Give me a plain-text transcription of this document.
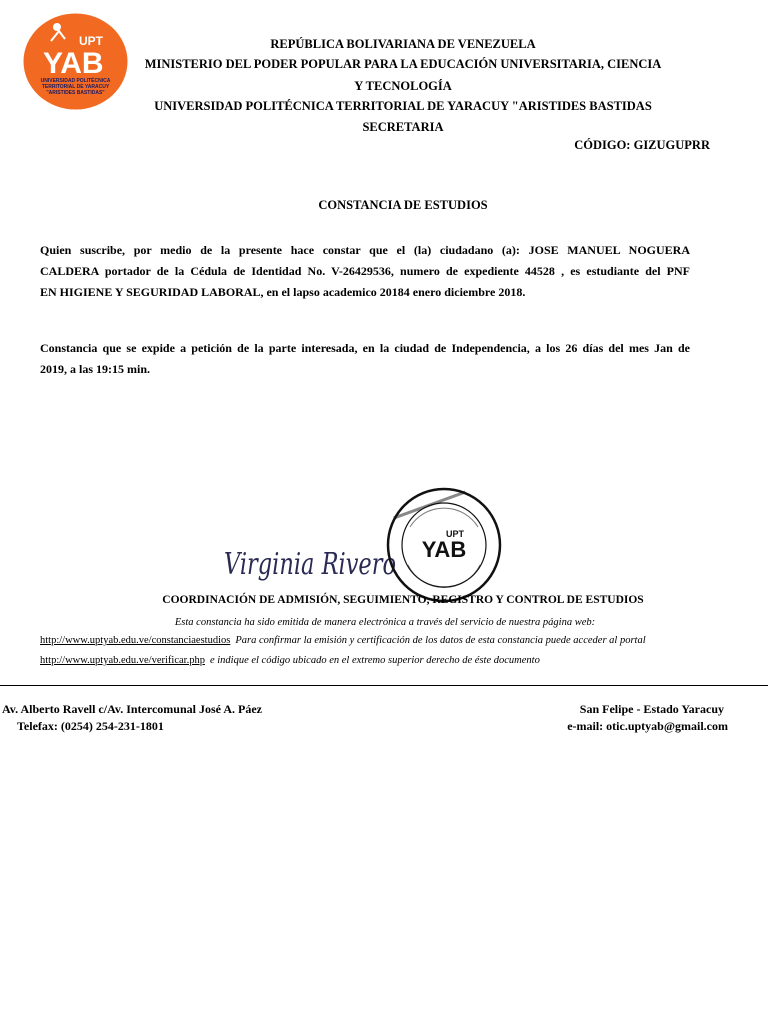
UPT
YAB
UNIVERSIDAD POLITÉCNICA
TERRITORIAL DE YARACUY
"ARISTIDES BASTIDAS"
REPÚBLICA BOLIVARIANA DE VENEZUELA
MINISTERIO DEL PODER POPULAR PARA LA EDUCACIÓN UNIVERSITARIA, CIENCIA
Y TECNOLOGÍA
UNIVERSIDAD POLITÉCNICA TERRITORIAL DE YARACUY "ARISTIDES BASTIDAS
SECRETARIA
CÓDIGO: GIZUGUPRR
CONSTANCIA DE ESTUDIOS
Quien suscribe, por medio de la presente hace constar que el (la) ciudadano (a): JOSE MANUEL NOGUERA
CALDERA portador de la Cédula de Identidad No. V-26429536, numero de expediente 44528 , es estudiante del PNF
EN HIGIENE Y SEGURIDAD LABORAL, en el lapso academico 20184 enero diciembre 2018.
Constancia que se expide a petición de la parte interesada, en la ciudad de Independencia, a los 26 días del mes Jan de
2019, a las 19:15 min.
Virginia Rivero
UPT
YAB
COORDINACIÓN DE ADMISIÓN, SEGUIMIENTO, REGISTRO Y CONTROL DE ESTUDIOS
Esta constancia ha sido emitida de manera electrónica a través del servicio de nuestra página web:
http://www.uptyab.edu.ve/constanciaestudios Para confirmar la emisión y certificación de los datos de esta constancia puede acceder al portal
http://www.uptyab.edu.ve/verificar.php e indique el código ubicado en el extremo superior derecho de éste documento
Av. Alberto Ravell c/Av. Intercomunal José A. Páez
Telefax: (0254) 254-231-1801
San Felipe - Estado Yaracuy
e-mail: otic.uptyab@gmail.com
